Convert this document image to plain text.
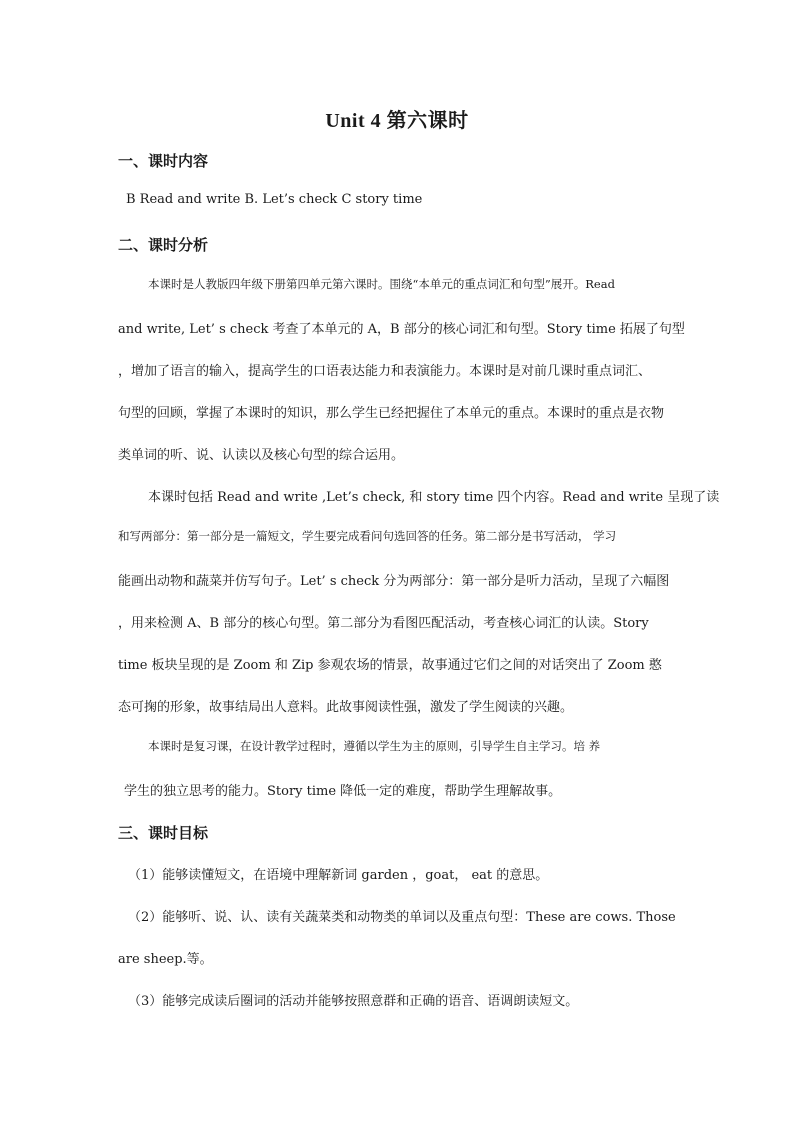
Unit 4 第六课时
一、课时内容
B Read and write B. Let’s check C story time
二、课时分析
本课时是人教版四年级下册第四单元第六课时。围绕“本单元的重点词汇和句型”展开。Read
and write, Let’ s check 考查了本单元的 A，B 部分的核心词汇和句型。Story time 拓展了句型
，增加了语言的输入，提高学生的口语表达能力和表演能力。本课时是对前几课时重点词汇、
句型的回顾，掌握了本课时的知识，那么学生已经把握住了本单元的重点。本课时的重点是衣物
类单词的听、说、认读以及核心句型的综合运用。
本课时包括 Read and write ,Let’s check, 和 story time 四个内容。Read and write 呈现了读
和写两部分：第一部分是一篇短文，学生要完成看问句选回答的任务。第二部分是书写活动， 学习
能画出动物和蔬菜并仿写句子。Let’ s check 分为两部分：第一部分是听力活动，呈现了六幅图
，用来检测 A、B 部分的核心句型。第二部分为看图匹配活动，考查核心词汇的认读。Story
time 板块呈现的是 Zoom 和 Zip 参观农场的情景，故事通过它们之间的对话突出了 Zoom 憨
态可掬的形象，故事结局出人意料。此故事阅读性强，激发了学生阅读的兴趣。
本课时是复习课，在设计教学过程时，遵循以学生为主的原则，引导学生自主学习。培 养
学生的独立思考的能力。Story time 降低一定的难度，帮助学生理解故事。
三、课时目标
（1）能够读懂短文，在语境中理解新词 garden ，goat， eat 的意思。
（2）能够听、说、认、读有关蔬菜类和动物类的单词以及重点句型：These are cows. Those
are sheep.等。
（3）能够完成读后圈词的活动并能够按照意群和正确的语音、语调朗读短文。
